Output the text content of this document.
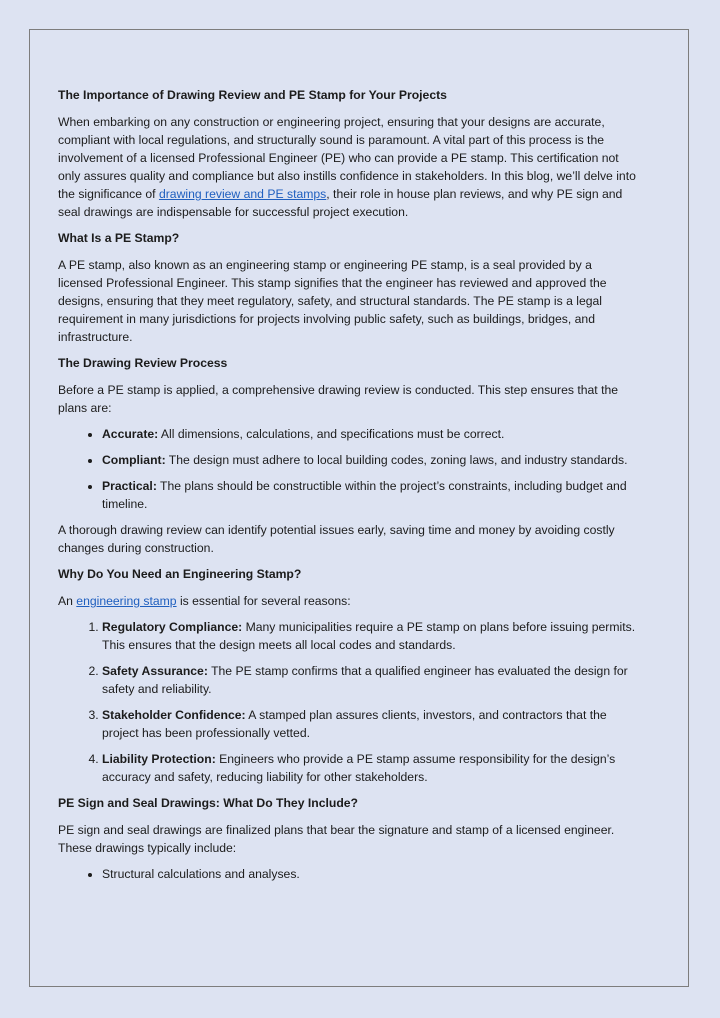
The Importance of Drawing Review and PE Stamp for Your Projects

When embarking on any construction or engineering project, ensuring that your designs are accurate, compliant with local regulations, and structurally sound is paramount. A vital part of this process is the involvement of a licensed Professional Engineer (PE) who can provide a PE stamp. This certification not only assures quality and compliance but also instills confidence in stakeholders. In this blog, we’ll delve into the significance of drawing review and PE stamps, their role in house plan reviews, and why PE sign and seal drawings are indispensable for successful project execution.

What Is a PE Stamp?

A PE stamp, also known as an engineering stamp or engineering PE stamp, is a seal provided by a licensed Professional Engineer. This stamp signifies that the engineer has reviewed and approved the designs, ensuring that they meet regulatory, safety, and structural standards. The PE stamp is a legal requirement in many jurisdictions for projects involving public safety, such as buildings, bridges, and infrastructure.

The Drawing Review Process

Before a PE stamp is applied, a comprehensive drawing review is conducted. This step ensures that the plans are:

• Accurate: All dimensions, calculations, and specifications must be correct.
• Compliant: The design must adhere to local building codes, zoning laws, and industry standards.
• Practical: The plans should be constructible within the project’s constraints, including budget and timeline.

A thorough drawing review can identify potential issues early, saving time and money by avoiding costly changes during construction.

Why Do You Need an Engineering Stamp?

An engineering stamp is essential for several reasons:

1. Regulatory Compliance: Many municipalities require a PE stamp on plans before issuing permits. This ensures that the design meets all local codes and standards.
2. Safety Assurance: The PE stamp confirms that a qualified engineer has evaluated the design for safety and reliability.
3. Stakeholder Confidence: A stamped plan assures clients, investors, and contractors that the project has been professionally vetted.
4. Liability Protection: Engineers who provide a PE stamp assume responsibility for the design’s accuracy and safety, reducing liability for other stakeholders.
PE Sign and Seal Drawings: What Do They Include?

PE sign and seal drawings are finalized plans that bear the signature and stamp of a licensed engineer. These drawings typically include:

• Structural calculations and analyses.
